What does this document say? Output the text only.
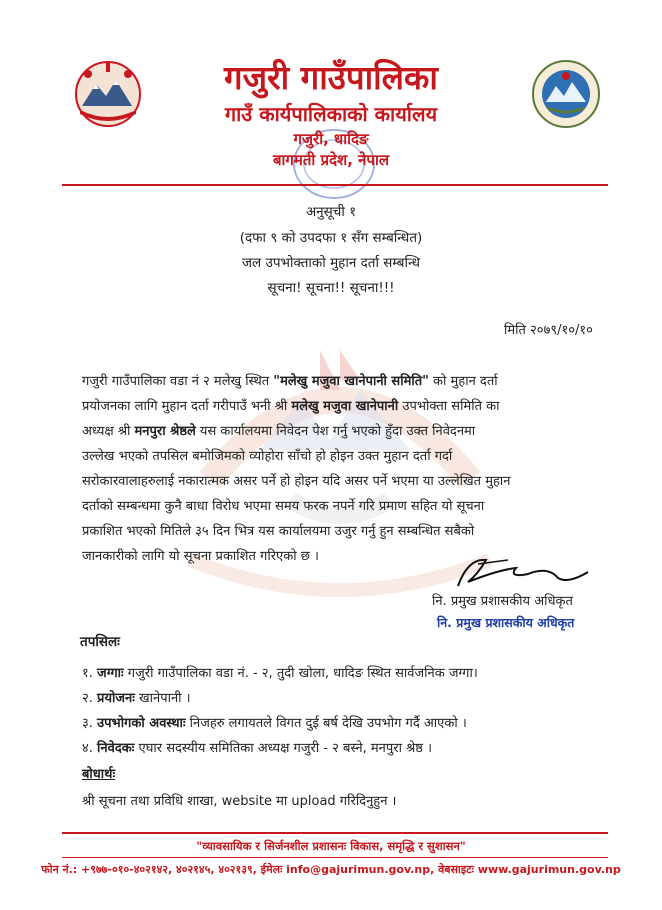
गजुरी गाउँपालिका
गाउँ कार्यपालिकाको कार्यालय
गजुरी, धादिङ
बागमती प्रदेश, नेपाल
अनुसूची १
(दफा ९ को उपदफा १ सँग सम्बन्धित)
जल उपभोक्ताको मुहान दर्ता सम्बन्धि
सूचना! सूचना!! सूचना!!!
मिति २०७९/१०/१०
गजुरी गाउँपालिका वडा नं २ मलेखु स्थित "मलेखु मजुवा खानेपानी समिति" को मुहान दर्ता
प्रयोजनका लागि मुहान दर्ता गरीपाउँ भनी श्री मलेखु मजुवा खानेपानी उपभोक्ता समिति का
अध्यक्ष श्री मनपुरा श्रेष्ठले यस कार्यालयमा निवेदन पेश गर्नु भएको हुँदा उक्त निवेदनमा
उल्लेख भएको तपसिल बमोजिमको व्योहोरा साँचो हो होइन उक्त मुहान दर्ता गर्दा
सरोकारवालाहरुलाई नकारात्मक असर पर्ने हो होइन यदि असर पर्ने भएमा या उल्लेखित मुहान
दर्ताको सम्बन्धमा कुनै बाधा विरोध भएमा समय फरक नपर्ने गरि प्रमाण सहित यो सूचना
प्रकाशित भएको मितिले ३५ दिन भित्र यस कार्यालयमा उजुर गर्नु हुन सम्बन्धित सबैको
जानकारीको लागि यो सूचना प्रकाशित गरिएको छ ।
नि. प्रमुख प्रशासकीय अधिकृत
नि. प्रमुख प्रशासकीय अधिकृत
तपसिलः
१. जग्गाः गजुरी गाउँपालिका वडा नं. - २, तुदी खोला, धादिङ स्थित सार्वजनिक जग्गा।
२. प्रयोजनः खानेपानी ।
३. उपभोगको अवस्थाः निजहरु लगायतले विगत दुई बर्ष देखि उपभोग गर्दै आएको ।
४. निवेदकः एघार सदस्यीय समितिका अध्यक्ष गजुरी - २ बस्ने, मनपुरा श्रेष्ठ ।
बोधार्थः
श्री सूचना तथा प्रविधि शाखा, website मा upload गरिदिनुहुन ।
"व्यावसायिक र सिर्जनशील प्रशासनः विकास, समृद्धि र सुशासन"
फोन नं.: +९७७-०१०-४०२१४२, ४०२१४५, ४०२१३९, ईमेलः info@gajurimun.gov.np, वेबसाइटः www.gajurimun.gov.np
